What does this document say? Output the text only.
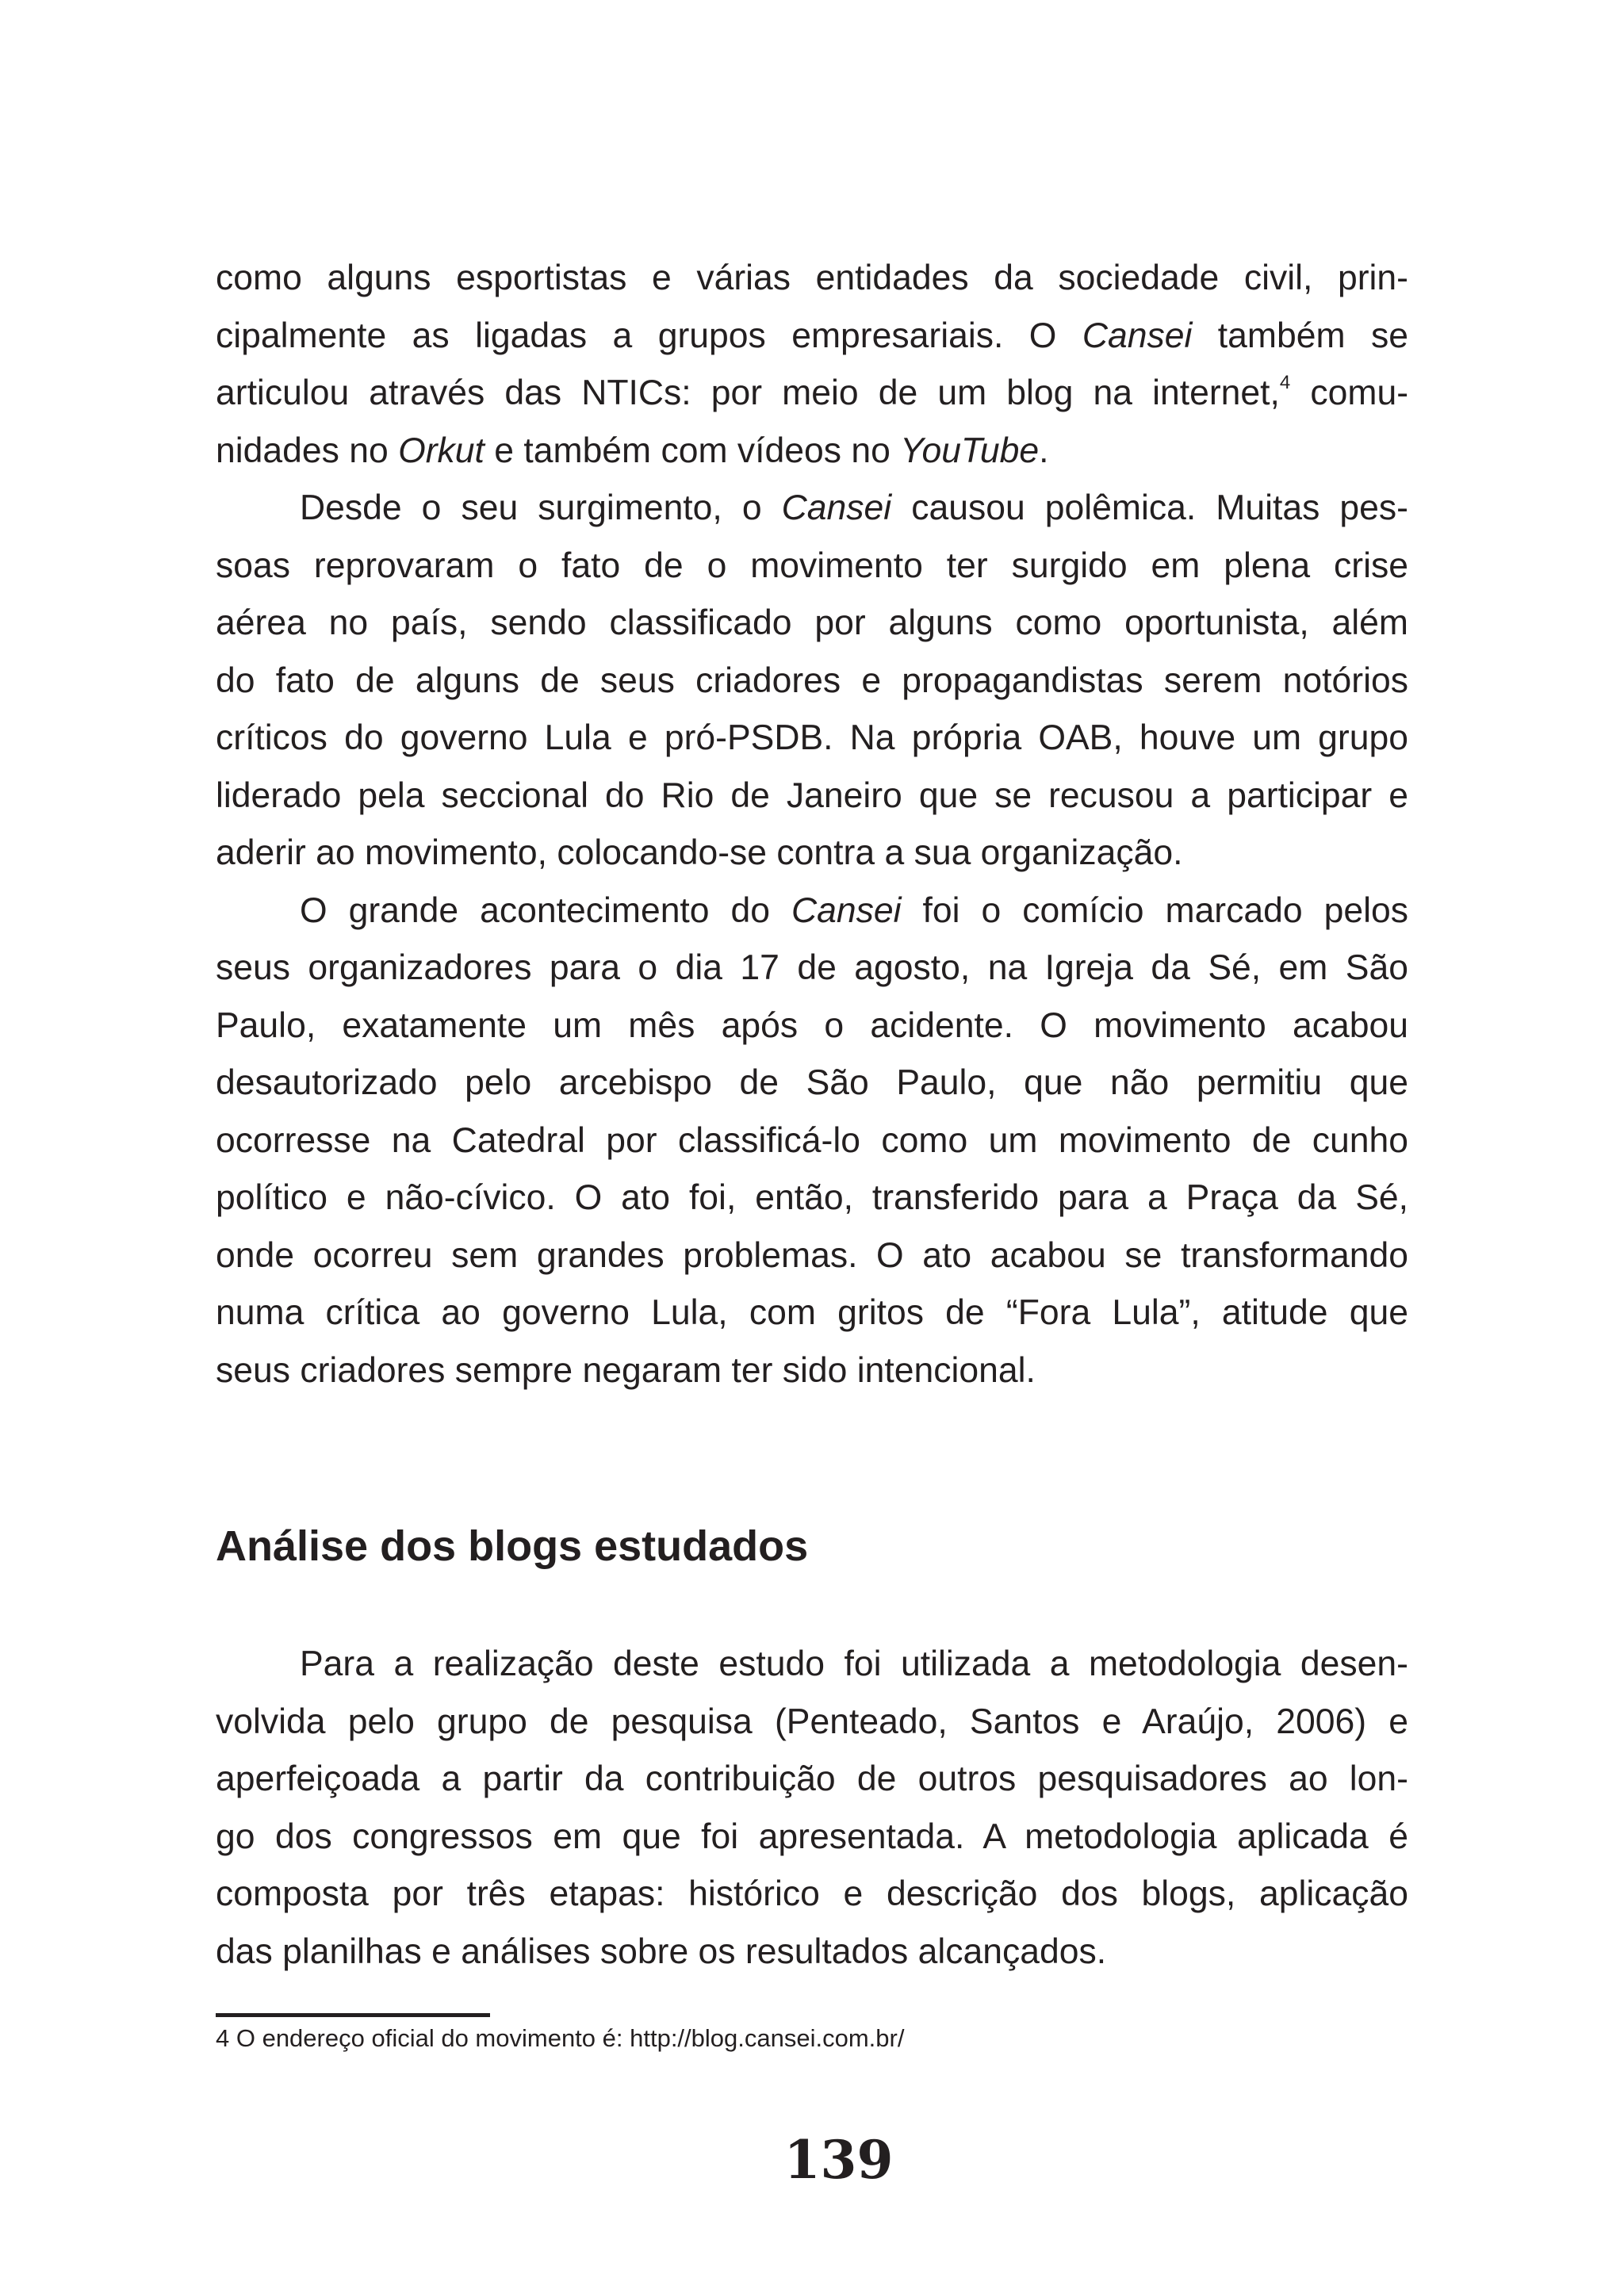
como alguns esportistas e várias entidades da sociedade civil, prin-
cipalmente as ligadas a grupos empresariais. O Cansei também se
articulou através das NTICs: por meio de um blog na internet,$^4$ comu-
nidades no Orkut e também com vídeos no YouTube.
Desde o seu surgimento, o Cansei causou polêmica. Muitas pes-
soas reprovaram o fato de o movimento ter surgido em plena crise
aérea no país, sendo classificado por alguns como oportunista, além
do fato de alguns de seus criadores e propagandistas serem notórios
críticos do governo Lula e pró-PSDB. Na própria OAB, houve um grupo
liderado pela seccional do Rio de Janeiro que se recusou a participar e
aderir ao movimento, colocando-se contra a sua organização.
O grande acontecimento do Cansei foi o comício marcado pelos
seus organizadores para o dia 17 de agosto, na Igreja da Sé, em São
Paulo, exatamente um mês após o acidente. O movimento acabou
desautorizado pelo arcebispo de São Paulo, que não permitiu que
ocorresse na Catedral por classificá-lo como um movimento de cunho
político e não-cívico. O ato foi, então, transferido para a Praça da Sé,
onde ocorreu sem grandes problemas. O ato acabou se transformando
numa crítica ao governo Lula, com gritos de “Fora Lula”, atitude que
seus criadores sempre negaram ter sido intencional.
Análise dos blogs estudados
Para a realização deste estudo foi utilizada a metodologia desen-
volvida pelo grupo de pesquisa (Penteado, Santos e Araújo, 2006) e
aperfeiçoada a partir da contribuição de outros pesquisadores ao lon-
go dos congressos em que foi apresentada. A metodologia aplicada é
composta por três etapas: histórico e descrição dos blogs, aplicação
das planilhas e análises sobre os resultados alcançados.
4 O endereço oficial do movimento é: http://blog.cansei.com.br/
139
